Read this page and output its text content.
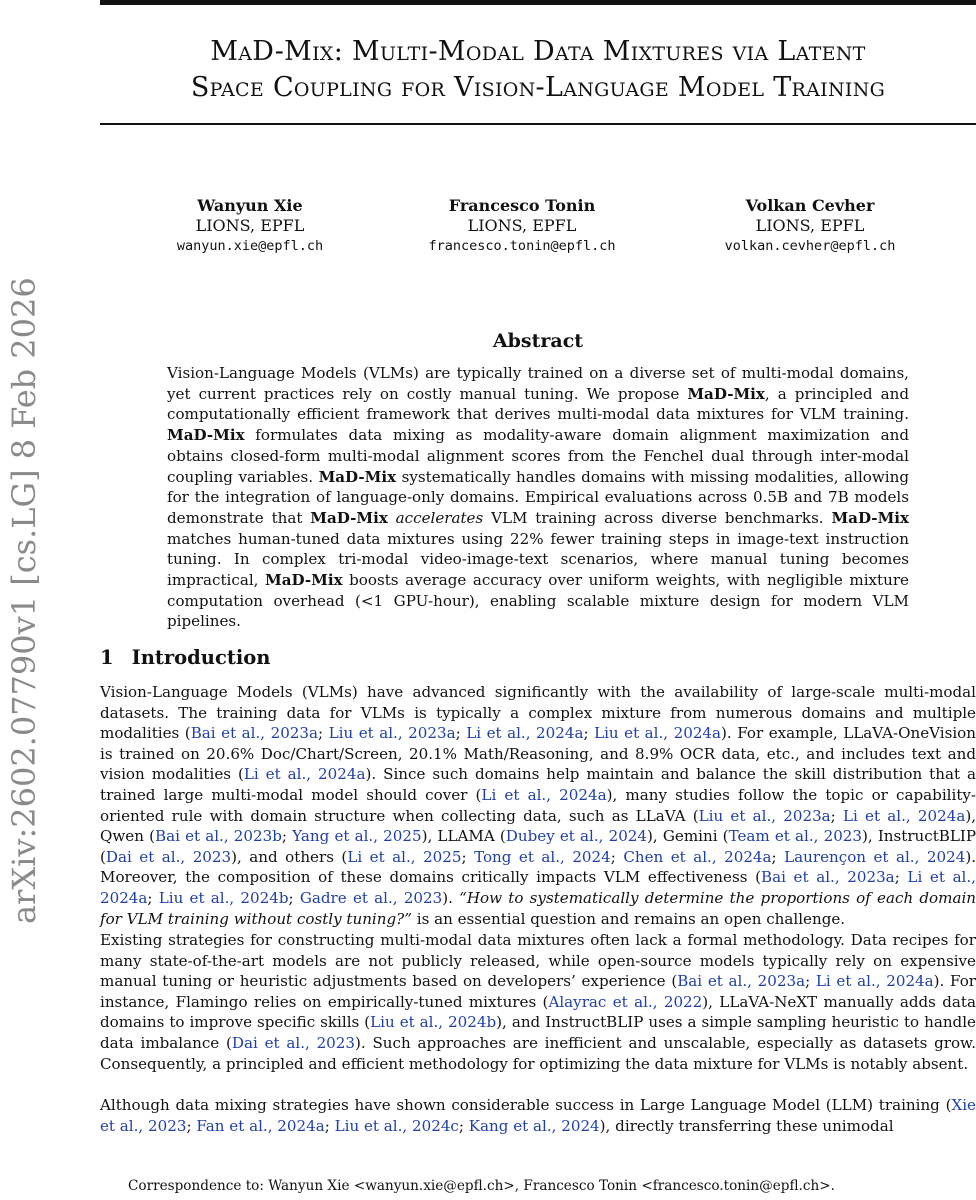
MaD-Mix: Multi-Modal Data Mixtures via Latent
Space Coupling for Vision-Language Model Training
arXiv:2602.07790v1 [cs.LG] 8 Feb 2026
Wanyun Xie
LIONS, EPFL
wanyun.xie@epfl.ch
Francesco Tonin
LIONS, EPFL
francesco.tonin@epfl.ch
Volkan Cevher
LIONS, EPFL
volkan.cevher@epfl.ch
Abstract

Vision-Language Models (VLMs) are typically trained on a diverse set of multi-modal domains, yet current practices rely on costly manual tuning. We propose MaD-Mix, a principled and computationally efficient framework that derives multi-modal data mixtures for VLM training. MaD-Mix formulates data mixing as modality-aware domain alignment maximization and obtains closed-form multi-modal alignment scores from the Fenchel dual through inter-modal coupling variables. MaD-Mix systematically handles domains with missing modalities, allowing for the integration of language-only domains. Empirical evaluations across 0.5B and 7B models demonstrate that MaD-Mix accelerates VLM training across diverse benchmarks. MaD-Mix matches human-tuned data mixtures using 22% fewer training steps in image-text instruction tuning. In complex tri-modal video-image-text scenarios, where manual tuning becomes impractical, MaD-Mix boosts average accuracy over uniform weights, with negligible mixture computation overhead (<1 GPU-hour), enabling scalable mixture design for modern VLM pipelines.

1 Introduction

Vision-Language Models (VLMs) have advanced significantly with the availability of large-scale multi-modal datasets. The training data for VLMs is typically a complex mixture from numerous domains and multiple modalities (Bai et al., 2023a; Liu et al., 2023a; Li et al., 2024a; Liu et al., 2024a). For example, LLaVA-OneVision is trained on 20.6% Doc/Chart/Screen, 20.1% Math/Reasoning, and 8.9% OCR data, etc., and includes text and vision modalities (Li et al., 2024a). Since such domains help maintain and balance the skill distribution that a trained large multi-modal model should cover (Li et al., 2024a), many studies follow the topic or capability-oriented rule with domain structure when collecting data, such as LLaVA (Liu et al., 2023a; Li et al., 2024a), Qwen (Bai et al., 2023b; Yang et al., 2025), LLAMA (Dubey et al., 2024), Gemini (Team et al., 2023), InstructBLIP (Dai et al., 2023), and others (Li et al., 2025; Tong et al., 2024; Chen et al., 2024a; Laurençon et al., 2024). Moreover, the composition of these domains critically impacts VLM effectiveness (Bai et al., 2023a; Li et al., 2024a; Liu et al., 2024b; Gadre et al., 2023). “How to systematically determine the proportions of each domain for VLM training without costly tuning?” is an essential question and remains an open challenge.

Existing strategies for constructing multi-modal data mixtures often lack a formal methodology. Data recipes for many state-of-the-art models are not publicly released, while open-source models typically rely on expensive manual tuning or heuristic adjustments based on developers’ experience (Bai et al., 2023a; Li et al., 2024a). For instance, Flamingo relies on empirically-tuned mixtures (Alayrac et al., 2022), LLaVA-NeXT manually adds data domains to improve specific skills (Liu et al., 2024b), and InstructBLIP uses a simple sampling heuristic to handle data imbalance (Dai et al., 2023). Such approaches are inefficient and unscalable, especially as datasets grow. Consequently, a principled and efficient methodology for optimizing the data mixture for VLMs is notably absent.

Although data mixing strategies have shown considerable success in Large Language Model (LLM) training (Xie et al., 2023; Fan et al., 2024a; Liu et al., 2024c; Kang et al., 2024), directly transferring these unimodal

Correspondence to: Wanyun Xie <wanyun.xie@epfl.ch>, Francesco Tonin <francesco.tonin@epfl.ch>.
